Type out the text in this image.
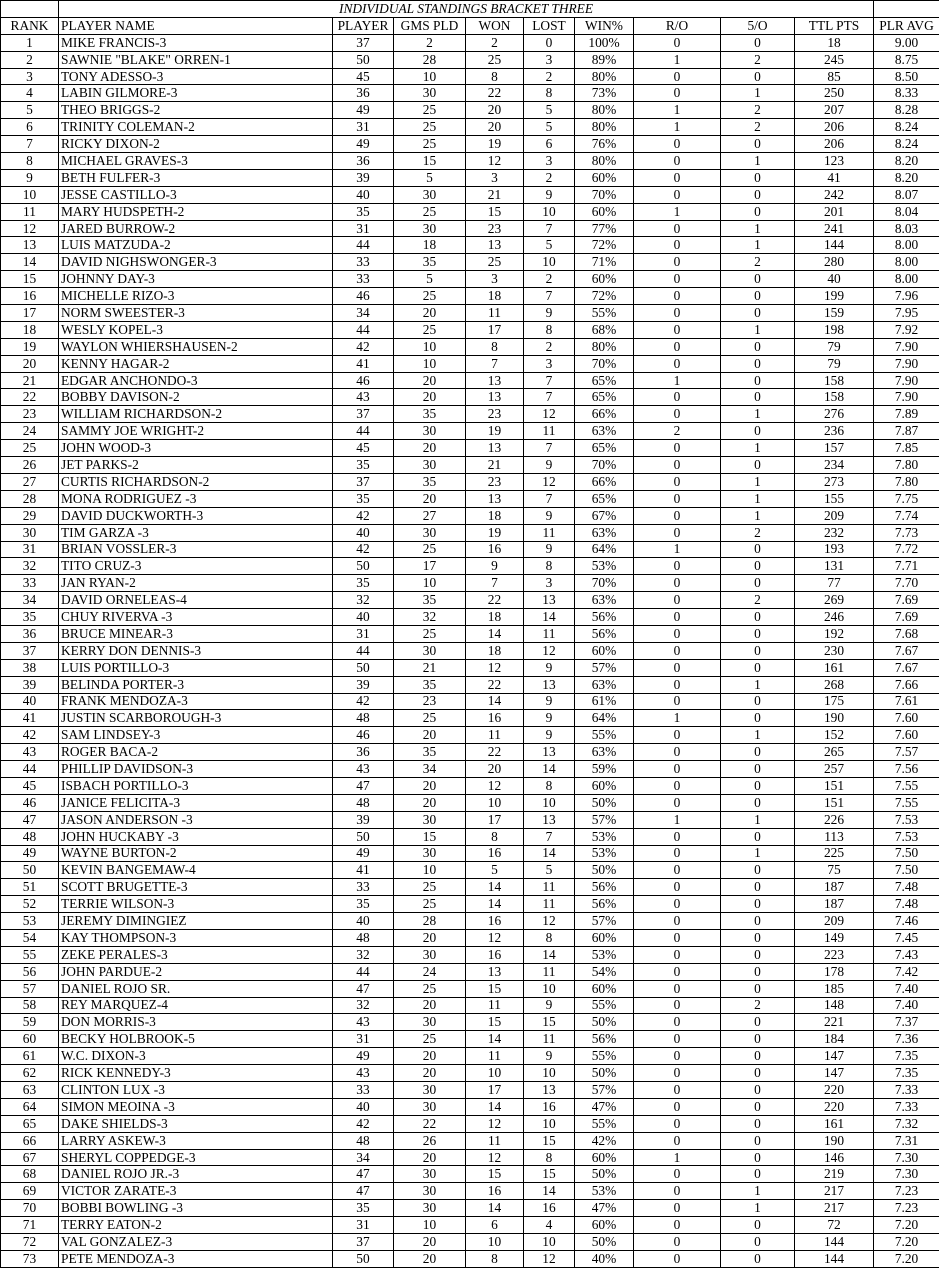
	INDIVIDUAL STANDINGS BRACKET THREE									
RANK	PLAYER NAME	PLAYER	GMS PLD	WON	LOST	WIN%	R/O	5/O	TTL PTS	PLR AVG
1	MIKE FRANCIS-3	37	2	2	0	100%	0	0	18	9.00
2	SAWNIE "BLAKE" ORREN-1	50	28	25	3	89%	1	2	245	8.75
3	TONY ADESSO-3	45	10	8	2	80%	0	0	85	8.50
4	LABIN GILMORE-3	36	30	22	8	73%	0	1	250	8.33
5	THEO BRIGGS-2	49	25	20	5	80%	1	2	207	8.28
6	TRINITY COLEMAN-2	31	25	20	5	80%	1	2	206	8.24
7	RICKY DIXON-2	49	25	19	6	76%	0	0	206	8.24
8	MICHAEL GRAVES-3	36	15	12	3	80%	0	1	123	8.20
9	BETH FULFER-3	39	5	3	2	60%	0	0	41	8.20
10	JESSE CASTILLO-3	40	30	21	9	70%	0	0	242	8.07
11	MARY HUDSPETH-2	35	25	15	10	60%	1	0	201	8.04
12	JARED BURROW-2	31	30	23	7	77%	0	1	241	8.03
13	LUIS MATZUDA-2	44	18	13	5	72%	0	1	144	8.00
14	DAVID NIGHSWONGER-3	33	35	25	10	71%	0	2	280	8.00
15	JOHNNY DAY-3	33	5	3	2	60%	0	0	40	8.00
16	MICHELLE RIZO-3	46	25	18	7	72%	0	0	199	7.96
17	NORM SWEESTER-3	34	20	11	9	55%	0	0	159	7.95
18	WESLY KOPEL-3	44	25	17	8	68%	0	1	198	7.92
19	WAYLON WHIERSHAUSEN-2	42	10	8	2	80%	0	0	79	7.90
20	KENNY HAGAR-2	41	10	7	3	70%	0	0	79	7.90
21	EDGAR ANCHONDO-3	46	20	13	7	65%	1	0	158	7.90
22	BOBBY DAVISON-2	43	20	13	7	65%	0	0	158	7.90
23	WILLIAM RICHARDSON-2	37	35	23	12	66%	0	1	276	7.89
24	SAMMY JOE WRIGHT-2	44	30	19	11	63%	2	0	236	7.87
25	JOHN WOOD-3	45	20	13	7	65%	0	1	157	7.85
26	JET PARKS-2	35	30	21	9	70%	0	0	234	7.80
27	CURTIS RICHARDSON-2	37	35	23	12	66%	0	1	273	7.80
28	MONA RODRIGUEZ -3	35	20	13	7	65%	0	1	155	7.75
29	DAVID DUCKWORTH-3	42	27	18	9	67%	0	1	209	7.74
30	TIM GARZA -3	40	30	19	11	63%	0	2	232	7.73
31	BRIAN VOSSLER-3	42	25	16	9	64%	1	0	193	7.72
32	TITO CRUZ-3	50	17	9	8	53%	0	0	131	7.71
33	JAN RYAN-2	35	10	7	3	70%	0	0	77	7.70
34	DAVID ORNELEAS-4	32	35	22	13	63%	0	2	269	7.69
35	CHUY RIVERVA -3	40	32	18	14	56%	0	0	246	7.69
36	BRUCE MINEAR-3	31	25	14	11	56%	0	0	192	7.68
37	KERRY DON DENNIS-3	44	30	18	12	60%	0	0	230	7.67
38	LUIS PORTILLO-3	50	21	12	9	57%	0	0	161	7.67
39	BELINDA PORTER-3	39	35	22	13	63%	0	1	268	7.66
40	FRANK MENDOZA-3	42	23	14	9	61%	0	0	175	7.61
41	JUSTIN SCARBOROUGH-3	48	25	16	9	64%	1	0	190	7.60
42	SAM LINDSEY-3	46	20	11	9	55%	0	1	152	7.60
43	ROGER BACA-2	36	35	22	13	63%	0	0	265	7.57
44	PHILLIP DAVIDSON-3	43	34	20	14	59%	0	0	257	7.56
45	ISBACH PORTILLO-3	47	20	12	8	60%	0	0	151	7.55
46	JANICE FELICITA-3	48	20	10	10	50%	0	0	151	7.55
47	JASON ANDERSON -3	39	30	17	13	57%	1	1	226	7.53
48	JOHN HUCKABY -3	50	15	8	7	53%	0	0	113	7.53
49	WAYNE BURTON-2	49	30	16	14	53%	0	1	225	7.50
50	KEVIN BANGEMAW-4	41	10	5	5	50%	0	0	75	7.50
51	SCOTT BRUGETTE-3	33	25	14	11	56%	0	0	187	7.48
52	TERRIE WILSON-3	35	25	14	11	56%	0	0	187	7.48
53	JEREMY DIMINGIEZ	40	28	16	12	57%	0	0	209	7.46
54	KAY THOMPSON-3	48	20	12	8	60%	0	0	149	7.45
55	ZEKE PERALES-3	32	30	16	14	53%	0	0	223	7.43
56	JOHN PARDUE-2	44	24	13	11	54%	0	0	178	7.42
57	DANIEL ROJO SR.	47	25	15	10	60%	0	0	185	7.40
58	REY MARQUEZ-4	32	20	11	9	55%	0	2	148	7.40
59	DON MORRIS-3	43	30	15	15	50%	0	0	221	7.37
60	BECKY HOLBROOK-5	31	25	14	11	56%	0	0	184	7.36
61	W.C. DIXON-3	49	20	11	9	55%	0	0	147	7.35
62	RICK KENNEDY-3	43	20	10	10	50%	0	0	147	7.35
63	CLINTON LUX -3	33	30	17	13	57%	0	0	220	7.33
64	SIMON MEOINA -3	40	30	14	16	47%	0	0	220	7.33
65	DAKE SHIELDS-3	42	22	12	10	55%	0	0	161	7.32
66	LARRY ASKEW-3	48	26	11	15	42%	0	0	190	7.31
67	SHERYL COPPEDGE-3	34	20	12	8	60%	1	0	146	7.30
68	DANIEL ROJO JR.-3	47	30	15	15	50%	0	0	219	7.30
69	VICTOR ZARATE-3	47	30	16	14	53%	0	1	217	7.23
70	BOBBI BOWLING -3	35	30	14	16	47%	0	1	217	7.23
71	TERRY EATON-2	31	10	6	4	60%	0	0	72	7.20
72	VAL GONZALEZ-3	37	20	10	10	50%	0	0	144	7.20
73	PETE MENDOZA-3	50	20	8	12	40%	0	0	144	7.20
